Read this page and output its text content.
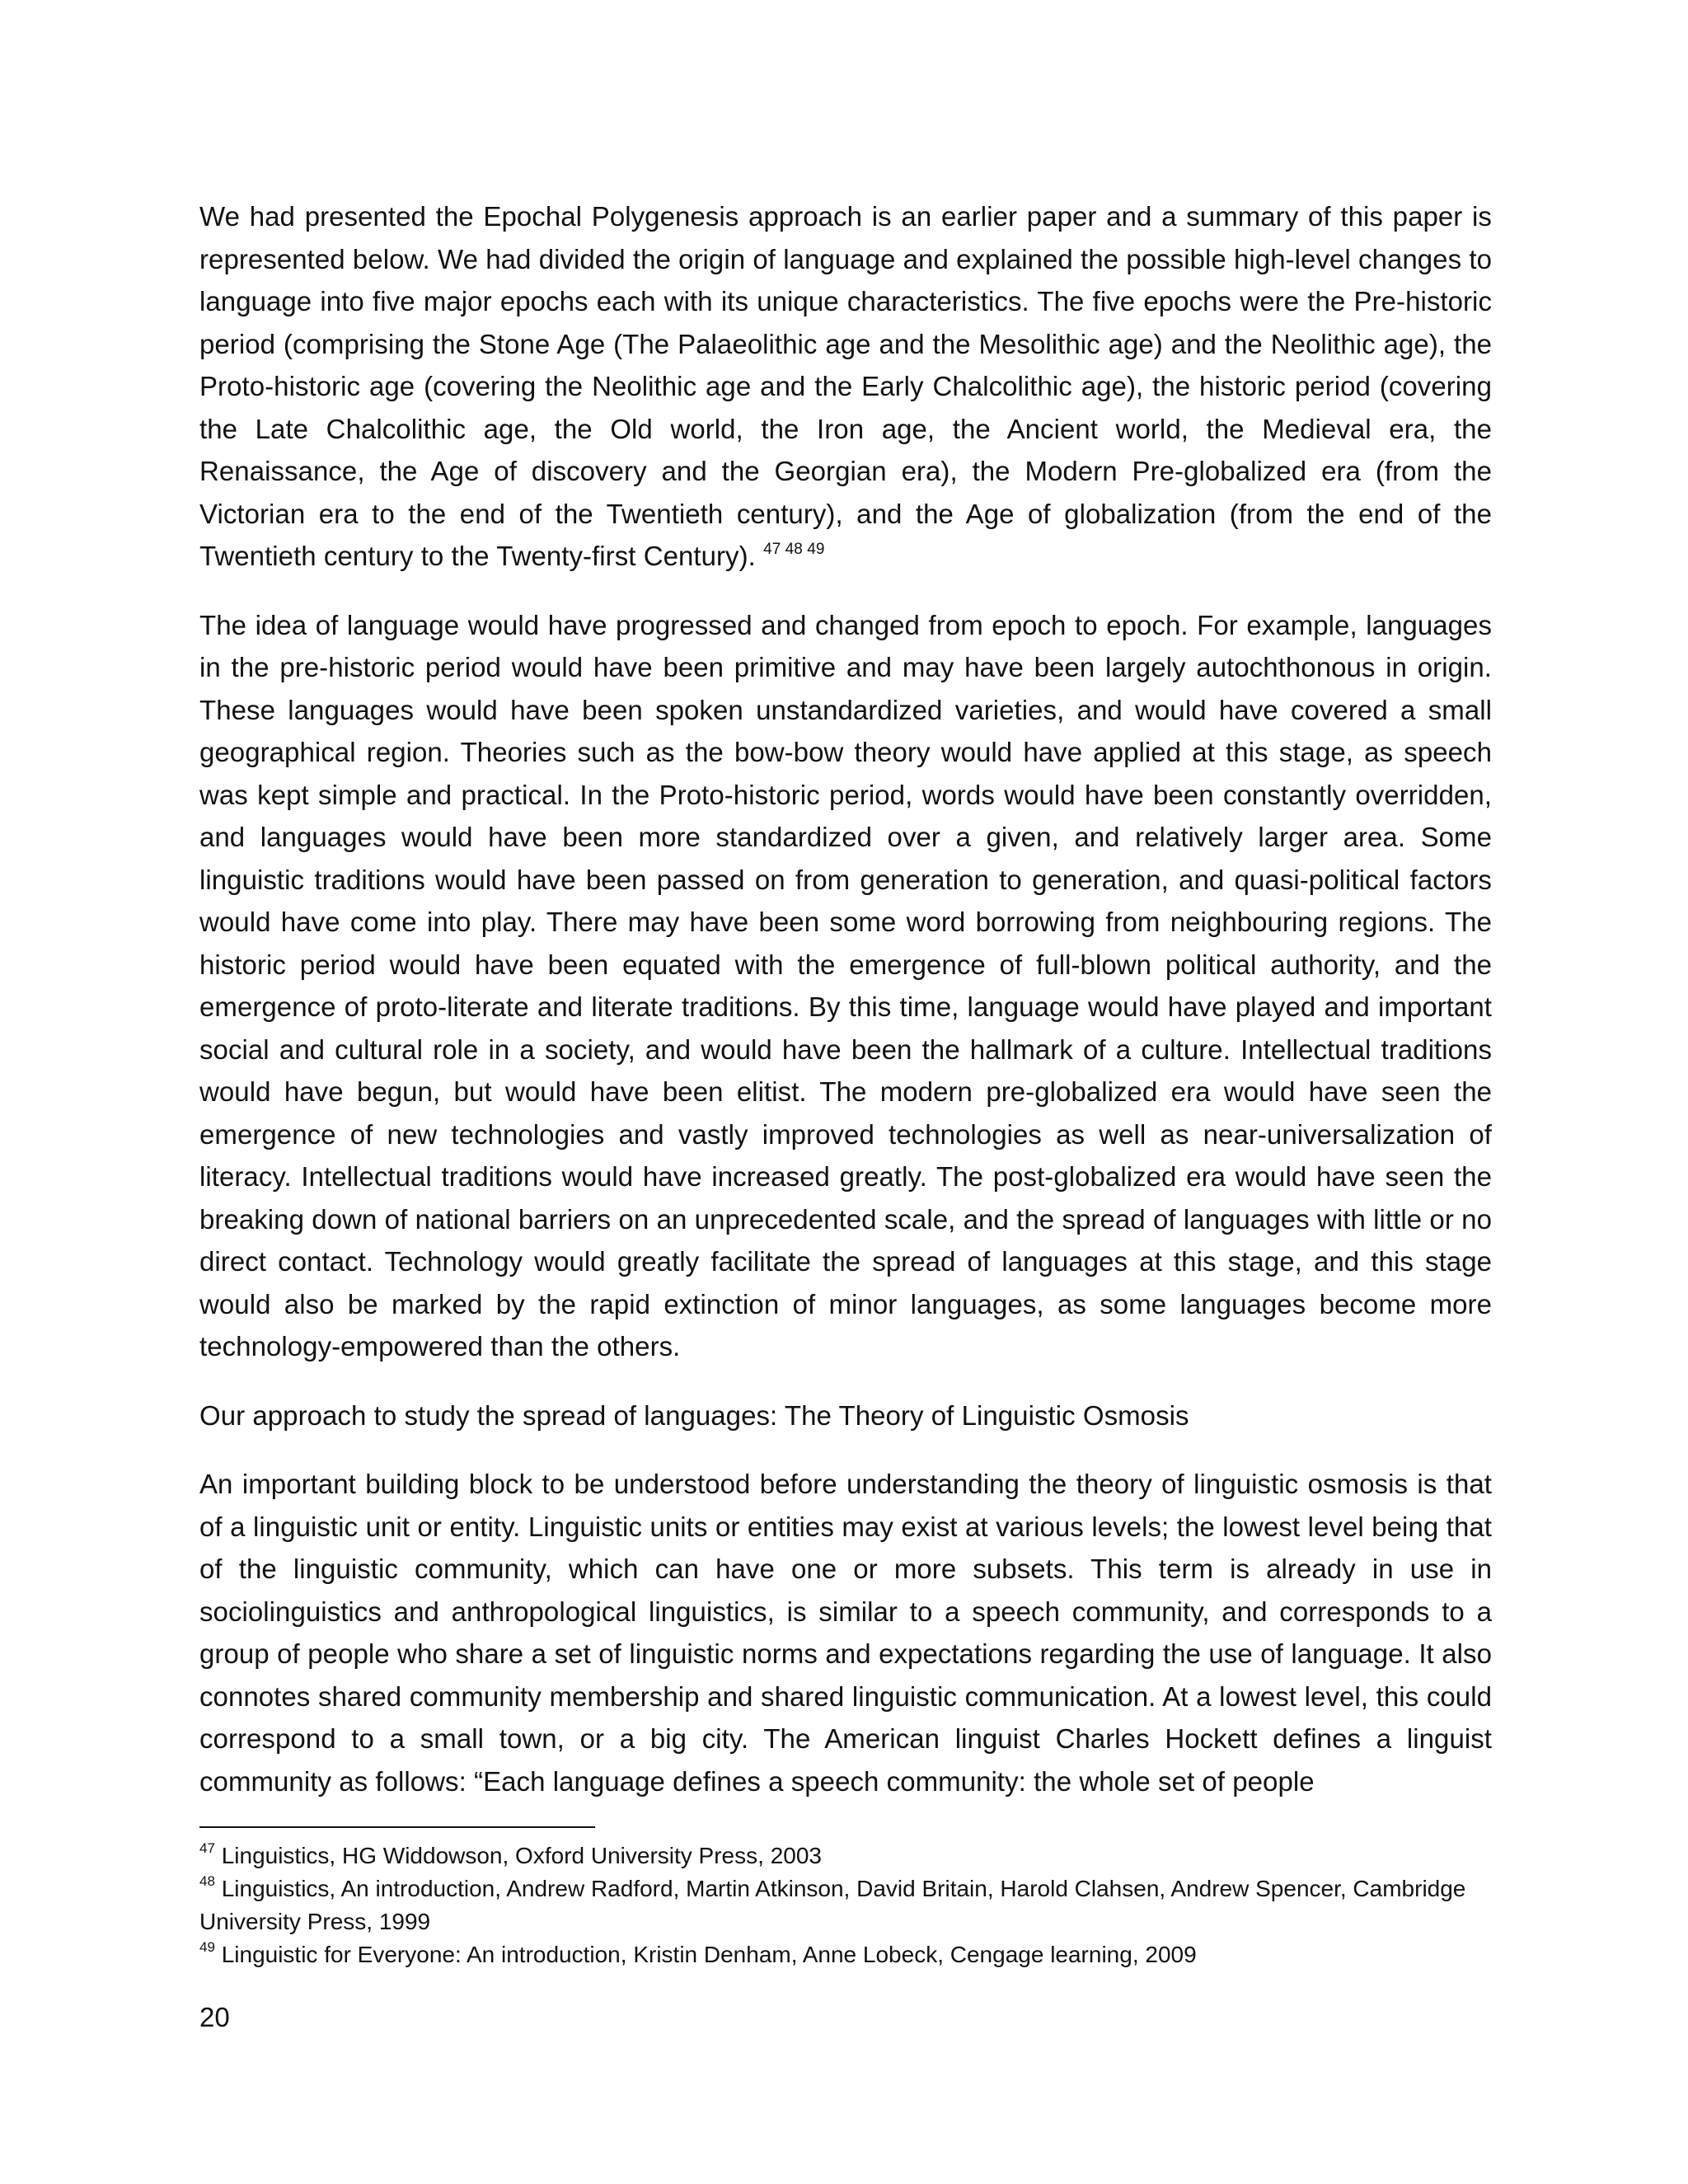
We had presented the Epochal Polygenesis approach is an earlier paper and a summary of this paper is represented below. We had divided the origin of language and explained the possible high-level changes to language into five major epochs each with its unique characteristics. The five epochs were the Pre-historic period (comprising the Stone Age (The Palaeolithic age and the Mesolithic age) and the Neolithic age), the Proto-historic age (covering the Neolithic age and the Early Chalcolithic age), the historic period (covering the Late Chalcolithic age, the Old world, the Iron age, the Ancient world, the Medieval era, the Renaissance, the Age of discovery and the Georgian era), the Modern Pre-globalized era (from the Victorian era to the end of the Twentieth century), and the Age of globalization (from the end of the Twentieth century to the Twenty-first Century). $^{47 48 49}$

The idea of language would have progressed and changed from epoch to epoch. For example, languages in the pre-historic period would have been primitive and may have been largely autochthonous in origin. These languages would have been spoken unstandardized varieties, and would have covered a small geographical region. Theories such as the bow-bow theory would have applied at this stage, as speech was kept simple and practical. In the Proto-historic period, words would have been constantly overridden, and languages would have been more standardized over a given, and relatively larger area. Some linguistic traditions would have been passed on from generation to generation, and quasi-political factors would have come into play. There may have been some word borrowing from neighbouring regions. The historic period would have been equated with the emergence of full-blown political authority, and the emergence of proto-literate and literate traditions. By this time, language would have played and important social and cultural role in a society, and would have been the hallmark of a culture. Intellectual traditions would have begun, but would have been elitist. The modern pre-globalized era would have seen the emergence of new technologies and vastly improved technologies as well as near-universalization of literacy. Intellectual traditions would have increased greatly. The post-globalized era would have seen the breaking down of national barriers on an unprecedented scale, and the spread of languages with little or no direct contact. Technology would greatly facilitate the spread of languages at this stage, and this stage would also be marked by the rapid extinction of minor languages, as some languages become more technology-empowered than the others.

Our approach to study the spread of languages: The Theory of Linguistic Osmosis

An important building block to be understood before understanding the theory of linguistic osmosis is that of a linguistic unit or entity. Linguistic units or entities may exist at various levels; the lowest level being that of the linguistic community, which can have one or more subsets. This term is already in use in sociolinguistics and anthropological linguistics, is similar to a speech community, and corresponds to a group of people who share a set of linguistic norms and expectations regarding the use of language. It also connotes shared community membership and shared linguistic communication. At a lowest level, this could correspond to a small town, or a big city. The American linguist Charles Hockett defines a linguist community as follows: “Each language defines a speech community: the whole set of people

$^{47}$ Linguistics, HG Widdowson, Oxford University Press, 2003

$^{48}$ Linguistics, An introduction, Andrew Radford, Martin Atkinson, David Britain, Harold Clahsen, Andrew Spencer, Cambridge University Press, 1999

$^{49}$ Linguistic for Everyone: An introduction, Kristin Denham, Anne Lobeck, Cengage learning, 2009

20
